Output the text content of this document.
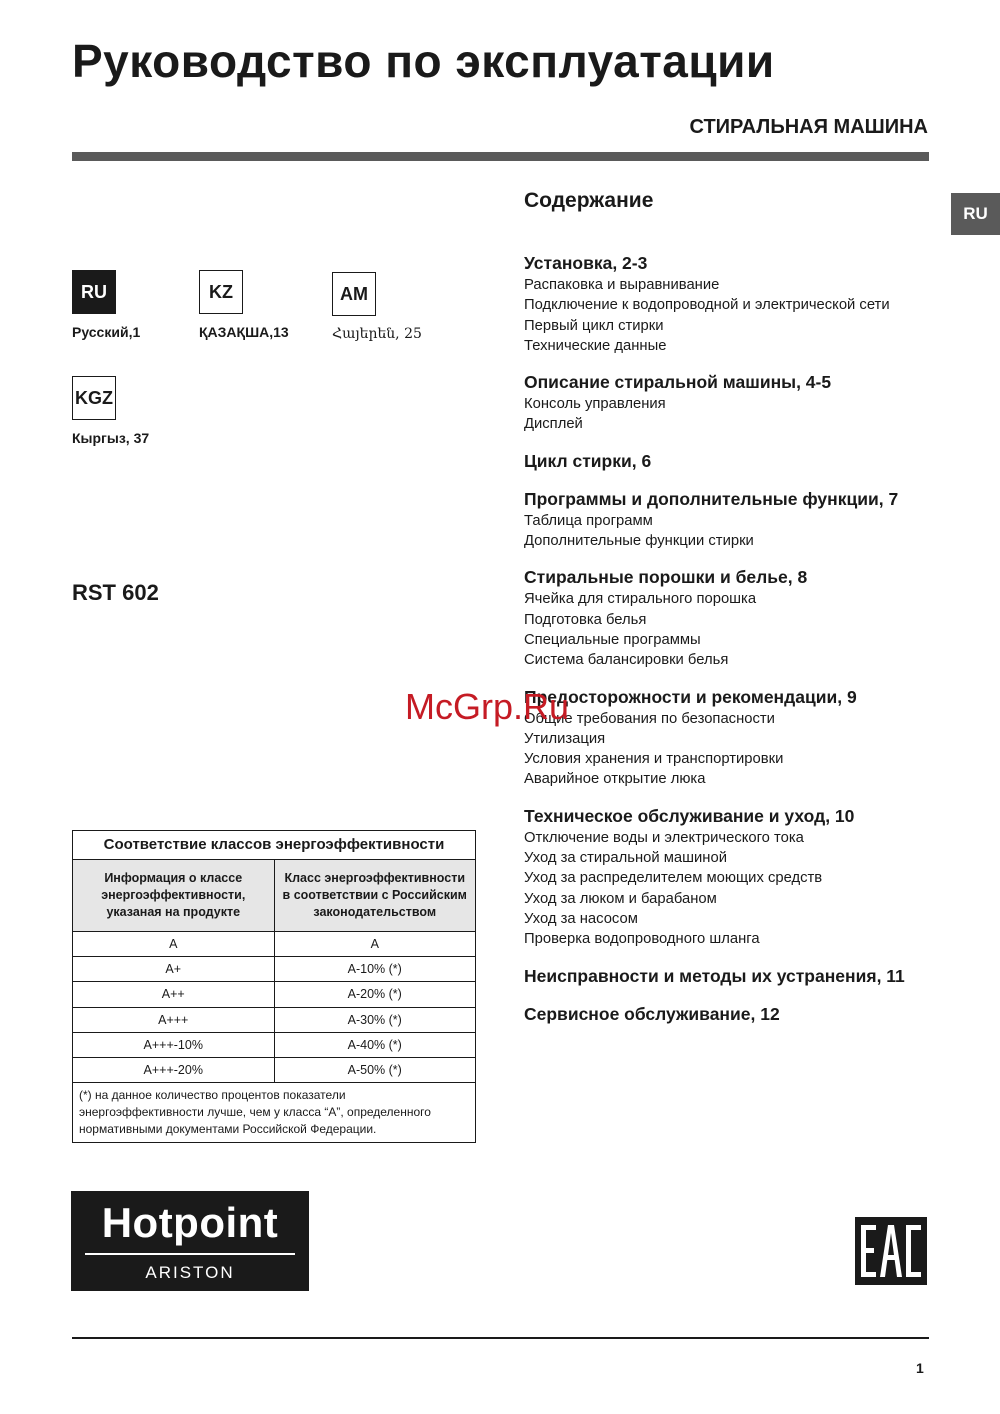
Руководство по эксплуатации
СТИРАЛЬНАЯ МАШИНА
RU
RU
Русский,1
KZ
ҚАЗАҚША,13
AM
Հայերեն, 25
KGZ
Кыргыз, 37
RST 602
Содержание
Установка, 2-3
Распаковка и выравнивание
Подключение к водопроводной и электрической сети
Первый цикл стирки
Технические данные
Описание стиральной машины, 4-5
Консоль управления
Дисплей
Цикл стирки, 6
Программы и дополнительные функции, 7
Таблица программ
Дополнительные функции стирки
Стиральные порошки и белье, 8
Ячейка для стирального порошка
Подготовка белья
Специальные программы
Система балансировки белья
Предосторожности и рекомендации, 9
Общие требования по безопасности
Утилизация
Условия хранения и транспортировки
Аварийное открытие люка
Техническое обслуживание и уход, 10
Отключение воды и электрического тока
Уход за стиральной машиной
Уход за распределителем моющих средств
Уход за люком и барабаном
Уход за насосом
Проверка водопроводного шланга
Неисправности и методы их устранения, 11
Сервисное обслуживание, 12
McGrp.Ru
Соответствие классов энергоэффективности
Информация о классе энергоэффективности, указаная на продукте
Класс энергоэффективности в соответствии с Российским законодательством
A	A
A+	A-10% (*)
A++	A-20% (*)
A+++	A-30% (*)
A+++-10%	A-40% (*)
A+++-20%	A-50% (*)
(*) на данное количество процентов показатели энергоэффективности лучше, чем у класса “A”, определенного нормативными документами Российской Федерации.
Hotpoint
ARISTON
1
